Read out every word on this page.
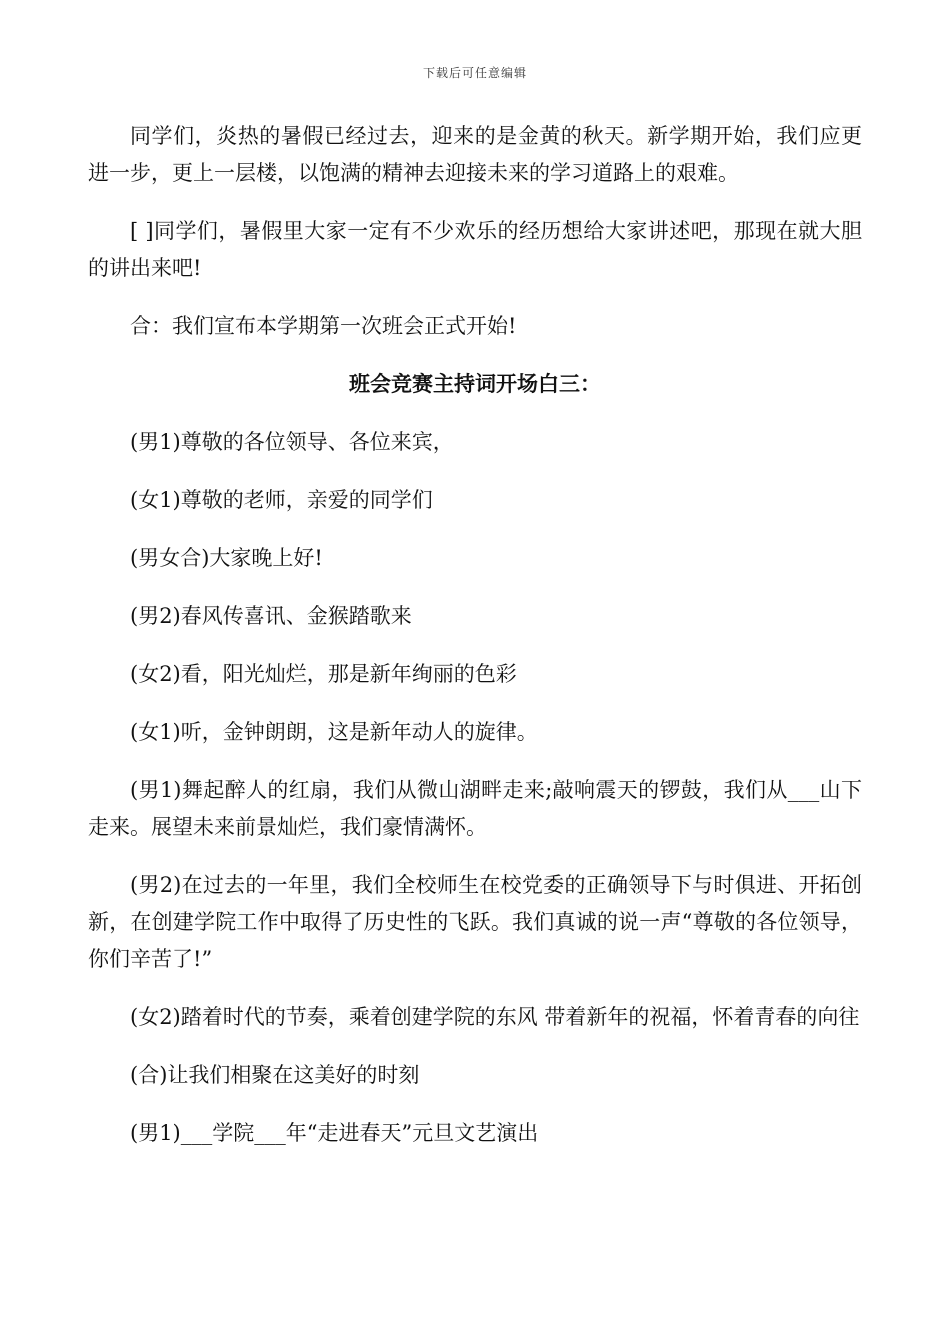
下载后可任意编辑

同学们，炎热的暑假已经过去，迎来的是金黄的秋天。新学期开始，我们应更进一步，更上一层楼，以饱满的精神去迎接未来的学习道路上的艰难。

[ ]同学们，暑假里大家一定有不少欢乐的经历想给大家讲述吧，那现在就大胆的讲出来吧!

合：我们宣布本学期第一次班会正式开始!

班会竞赛主持词开场白三：

(男1)尊敬的各位领导、各位来宾，

(女1)尊敬的老师，亲爱的同学们

(男女合)大家晚上好!

(男2)春风传喜讯、金猴踏歌来

(女2)看，阳光灿烂，那是新年绚丽的色彩

(女1)听，金钟朗朗，这是新年动人的旋律。

(男1)舞起醉人的红扇，我们从微山湖畔走来;敲响震天的锣鼓，我们从___山下走来。展望未来前景灿烂，我们豪情满怀。

(男2)在过去的一年里，我们全校师生在校党委的正确领导下与时俱进、开拓创新，在创建学院工作中取得了历史性的飞跃。我们真诚的说一声“尊敬的各位领导，你们辛苦了!”

(女2)踏着时代的节奏，乘着创建学院的东风 带着新年的祝福，怀着青春的向往

(合)让我们相聚在这美好的时刻

(男1)___学院___年“走进春天”元旦文艺演出
